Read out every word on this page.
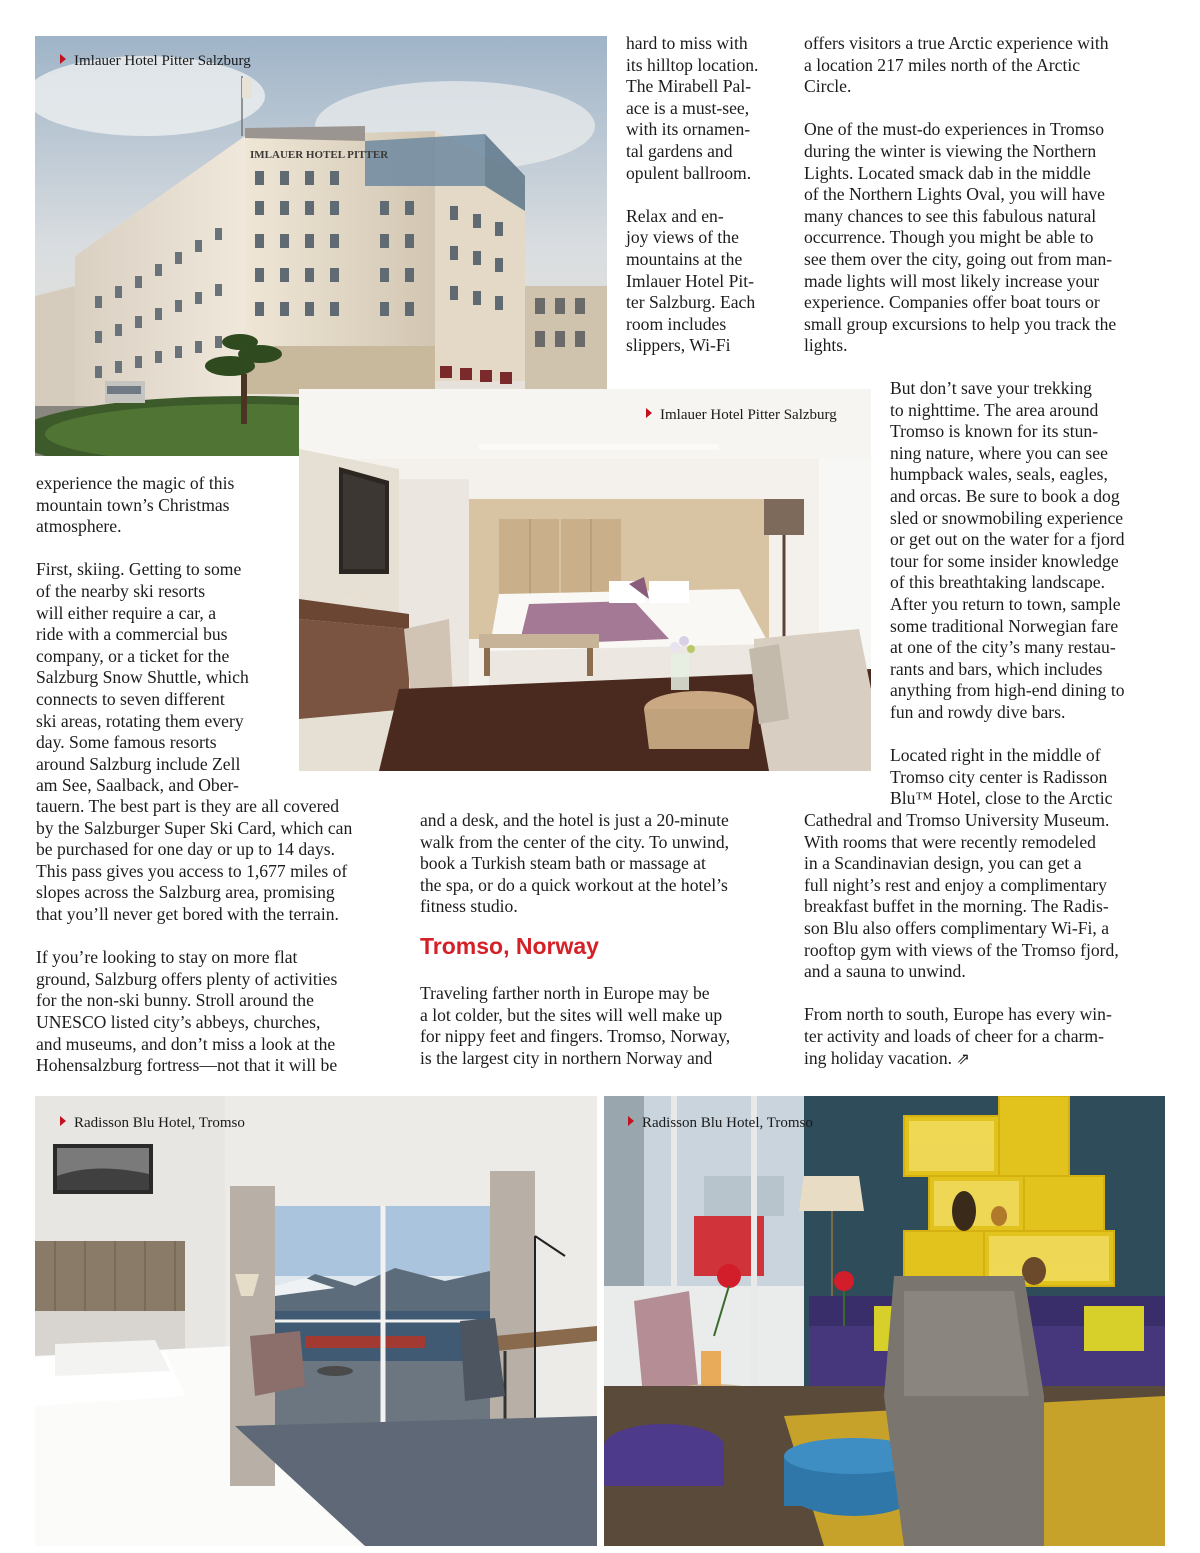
IMLAUER HOTEL PITTER
Imlauer Hotel Pitter Salzburg
Imlauer Hotel Pitter Salzburg

hard to miss with
its hilltop location.
The Mirabell Pal-
ace is a must-see,
with its ornamen-
tal gardens and
opulent ballroom.

Relax and en-
joy views of the
mountains at the
Imlauer Hotel Pit-
ter Salzburg. Each
room includes
slippers, Wi-Fi

offers visitors a true Arctic experience with
a location 217 miles north of the Arctic
Circle.

One of the must-do experiences in Tromso
during the winter is viewing the Northern
Lights. Located smack dab in the middle
of the Northern Lights Oval, you will have
many chances to see this fabulous natural
occurrence. Though you might be able to
see them over the city, going out from man-
made lights will most likely increase your
experience. Companies offer boat tours or
small group excursions to help you track the
lights.

But don’t save your trekking
to nighttime. The area around
Tromso is known for its stun-
ning nature, where you can see
humpback wales, seals, eagles,
and orcas. Be sure to book a dog
sled or snowmobiling experience
or get out on the water for a fjord
tour for some insider knowledge
of this breathtaking landscape.
After you return to town, sample
some traditional Norwegian fare
at one of the city’s many restau-
rants and bars, which includes
anything from high-end dining to
fun and rowdy dive bars.

Located right in the middle of
Tromso city center is Radisson
Blu™ Hotel, close to the Arctic

Cathedral and Tromso University Museum.
With rooms that were recently remodeled
in a Scandinavian design, you can get a
full night’s rest and enjoy a complimentary
breakfast buffet in the morning. The Radis-
son Blu also offers complimentary Wi-Fi, a
rooftop gym with views of the Tromso fjord,
and a sauna to unwind.

From north to south, Europe has every win-
ter activity and loads of cheer for a charm-
ing holiday vacation. ⇗

experience the magic of this
mountain town’s Christmas
atmosphere.

First, skiing. Getting to some
of the nearby ski resorts
will either require a car, a
ride with a commercial bus
company, or a ticket for the
Salzburg Snow Shuttle, which
connects to seven different
ski areas, rotating them every
day. Some famous resorts
around Salzburg include Zell
am See, Saalback, and Ober-

tauern. The best part is they are all covered
by the Salzburger Super Ski Card, which can
be purchased for one day or up to 14 days.
This pass gives you access to 1,677 miles of
slopes across the Salzburg area, promising
that you’ll never get bored with the terrain.

If you’re looking to stay on more flat
ground, Salzburg offers plenty of activities
for the non-ski bunny. Stroll around the
UNESCO listed city’s abbeys, churches,
and museums, and don’t miss a look at the
Hohensalzburg fortress—not that it will be

and a desk, and the hotel is just a 20-minute
walk from the center of the city. To unwind,
book a Turkish steam bath or massage at
the spa, or do a quick workout at the hotel’s
fitness studio.

Tromso, Norway

Traveling farther north in Europe may be
a lot colder, but the sites will well make up
for nippy feet and fingers. Tromso, Norway,
is the largest city in northern Norway and

Radisson Blu Hotel, Tromso	Radisson Blu Hotel, Tromso
